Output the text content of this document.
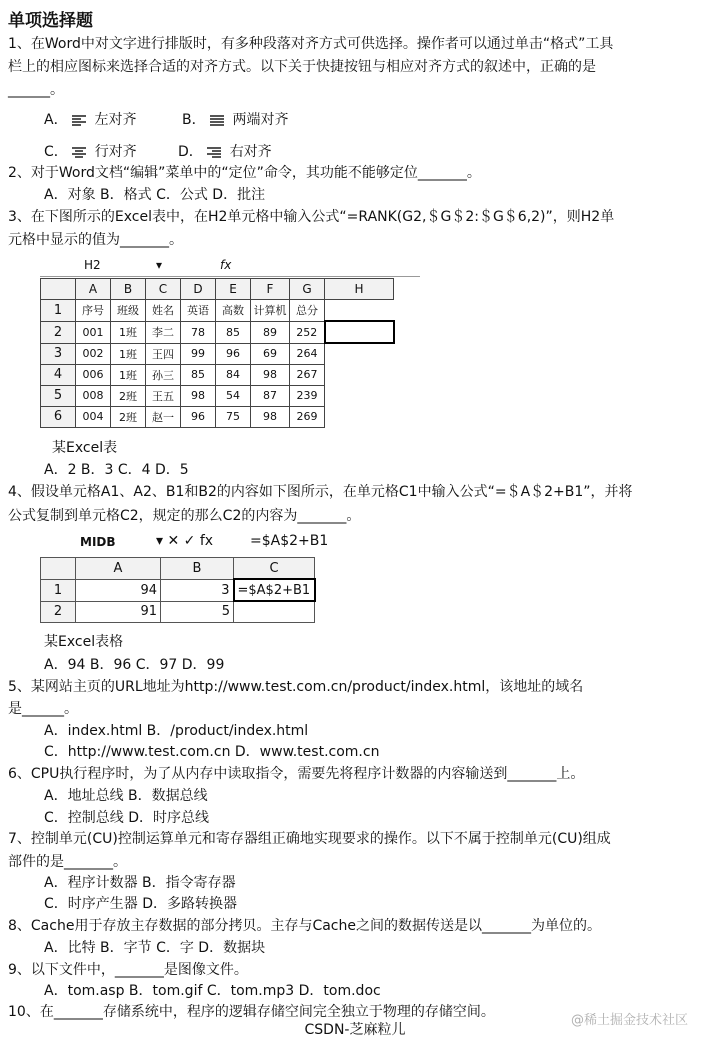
单项选择题
1、在Word中对文字进行排版时，有多种段落对齐方式可供选择。操作者可以通过单击“格式”工具
栏上的相应图标来选择合适的对齐方式。以下关于快捷按钮与相应对齐方式的叙述中，正确的是
______。
A． 左对齐	B． 两端对齐
C． 行对齐	D． 右对齐
2、对于Word文档“编辑”菜单中的“定位”命令，其功能不能够定位_______。
A．对象 B．格式 C．公式 D．批注
3、在下图所示的Excel表中，在H2单元格中输入公式“=RANK(G2,＄G＄2:＄G＄6,2)”，则H2单
元格中显示的值为_______。
H2	▾	fx
	A	B	C	D	E	F	G	H
1	序号	班级	姓名	英语	高数	计算机	总分	
2	001	1班	李二	78	85	89	252	
3	002	1班	王四	99	96	69	264	
4	006	1班	孙三	85	84	98	267	
5	008	2班	王五	98	54	87	239	
6	004	2班	赵一	96	75	98	269	
某Excel表
A．2 B．3 C．4 D．5
4、假设单元格A1、A2、B1和B2的内容如下图所示，在单元格C1中输入公式“=＄A＄2+B1”，并将
公式复制到单元格C2，规定的那么C2的内容为_______。
MIDB	▾ ✕ ✓ fx	=$A$2+B1
	A	B	C
1	94	3	=$A$2+B1
2	91	5	
某Excel表格
A．94 B．96 C．97 D．99
5、某网站主页的URL地址为http://www.test.com.cn/product/index.html，该地址的域名
是______。
A．index.html B．/product/index.html
C．http://www.test.com.cn D．www.test.com.cn
6、CPU执行程序时，为了从内存中读取指令，需要先将程序计数器的内容输送到_______上。
A．地址总线 B．数据总线
C．控制总线 D．时序总线
7、控制单元(CU)控制运算单元和寄存器组正确地实现要求的操作。以下不属于控制单元(CU)组成
部件的是_______。
A．程序计数器 B．指令寄存器
C．时序产生器 D．多路转换器
8、Cache用于存放主存数据的部分拷贝。主存与Cache之间的数据传送是以_______为单位的。
A．比特 B．字节 C．字 D．数据块
9、以下文件中，_______是图像文件。
A．tom.asp B．tom.gif C．tom.mp3 D．tom.doc
10、在_______存储系统中，程序的逻辑存储空间完全独立于物理的存储空间。
@稀土掘金技术社区
CSDN-芝麻粒儿
